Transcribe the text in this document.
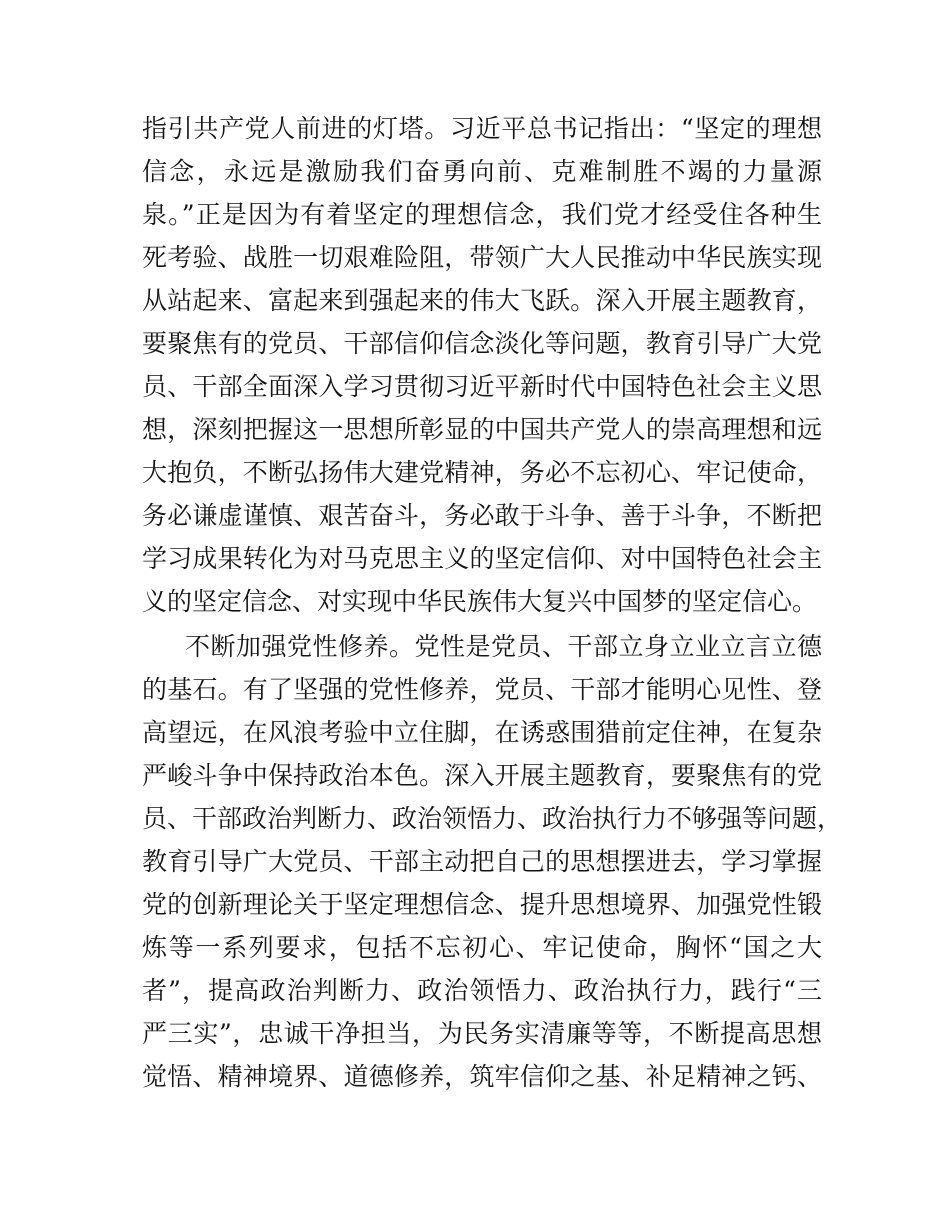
指引共产党人前进的灯塔。习近平总书记指出：“坚定的理想

信念，永远是激励我们奋勇向前、克难制胜不竭的力量源

泉。”正是因为有着坚定的理想信念，我们党才经受住各种生

死考验、战胜一切艰难险阻，带领广大人民推动中华民族实现

从站起来、富起来到强起来的伟大飞跃。深入开展主题教育，

要聚焦有的党员、干部信仰信念淡化等问题，教育引导广大党

员、干部全面深入学习贯彻习近平新时代中国特色社会主义思

想，深刻把握这一思想所彰显的中国共产党人的崇高理想和远

大抱负，不断弘扬伟大建党精神，务必不忘初心、牢记使命，

务必谦虚谨慎、艰苦奋斗，务必敢于斗争、善于斗争，不断把

学习成果转化为对马克思主义的坚定信仰、对中国特色社会主

义的坚定信念、对实现中华民族伟大复兴中国梦的坚定信心。

不断加强党性修养。党性是党员、干部立身立业立言立德

的基石。有了坚强的党性修养，党员、干部才能明心见性、登

高望远，在风浪考验中立住脚，在诱惑围猎前定住神，在复杂

严峻斗争中保持政治本色。深入开展主题教育，要聚焦有的党

员、干部政治判断力、政治领悟力、政治执行力不够强等问题，

教育引导广大党员、干部主动把自己的思想摆进去，学习掌握

党的创新理论关于坚定理想信念、提升思想境界、加强党性锻

炼等一系列要求，包括不忘初心、牢记使命，胸怀“国之大

者”，提高政治判断力、政治领悟力、政治执行力，践行“三

严三实”，忠诚干净担当，为民务实清廉等等，不断提高思想

觉悟、精神境界、道德修养，筑牢信仰之基、补足精神之钙、
